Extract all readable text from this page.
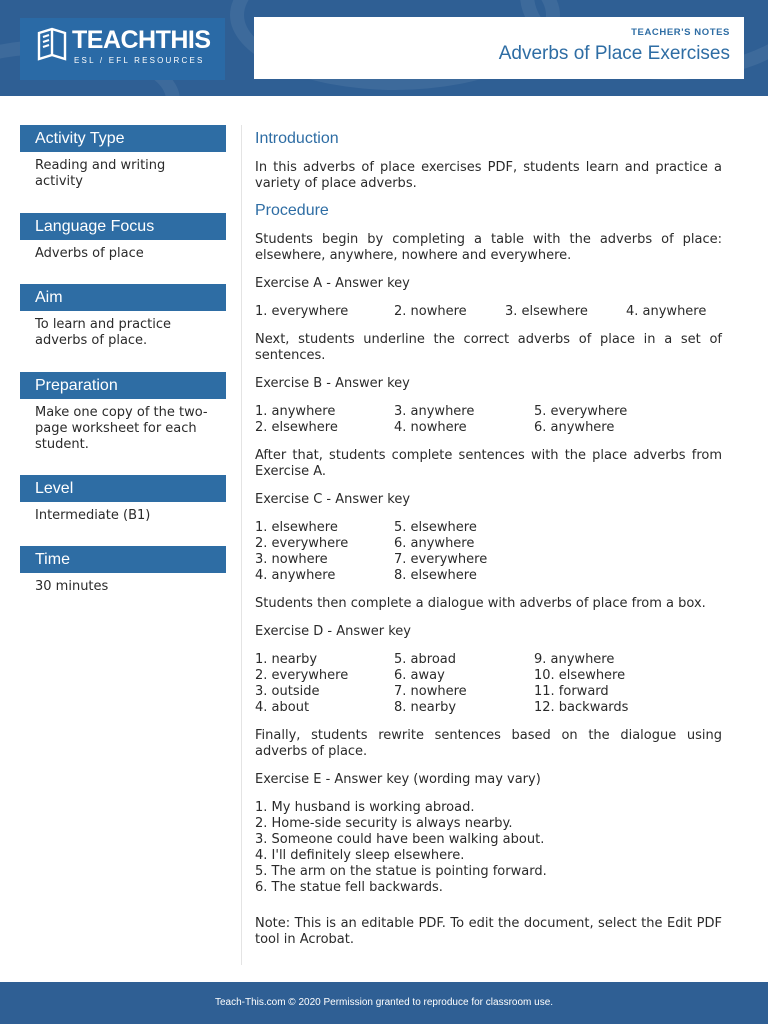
TEACHTHIS
ESL / EFL RESOURCES
TEACHER'S NOTES
Adverbs of Place Exercises
Activity Type
Reading and writing activity
Language Focus
Adverbs of place
Aim
To learn and practice adverbs of place.
Preparation
Make one copy of the two-page worksheet for each student.
Level
Intermediate (B1)
Time
30 minutes
Introduction
In this adverbs of place exercises PDF, students learn and practice a variety of place adverbs.
Procedure
Students begin by completing a table with the adverbs of place: elsewhere, anywhere, nowhere and everywhere.
Exercise A - Answer key
1. everywhere	2. nowhere	3. elsewhere	4. anywhere
Next, students underline the correct adverbs of place in a set of sentences.
Exercise B - Answer key
1. anywhere	3. anywhere	5. everywhere
2. elsewhere	4. nowhere	6. anywhere
After that, students complete sentences with the place adverbs from Exercise A.
Exercise C - Answer key
1. elsewhere	5. elsewhere
2. everywhere	6. anywhere
3. nowhere	7. everywhere
4. anywhere	8. elsewhere
Students then complete a dialogue with adverbs of place from a box.
Exercise D - Answer key
1. nearby	5. abroad	9. anywhere
2. everywhere	6. away	10. elsewhere
3. outside	7. nowhere	11. forward
4. about	8. nearby	12. backwards
Finally, students rewrite sentences based on the dialogue using adverbs of place.
Exercise E - Answer key (wording may vary)
1. My husband is working abroad.
2. Home-side security is always nearby.
3. Someone could have been walking about.
4. I'll definitely sleep elsewhere.
5. The arm on the statue is pointing forward.
6. The statue fell backwards.
Note: This is an editable PDF. To edit the document, select the Edit PDF tool in Acrobat.
Teach-This.com © 2020 Permission granted to reproduce for classroom use.
